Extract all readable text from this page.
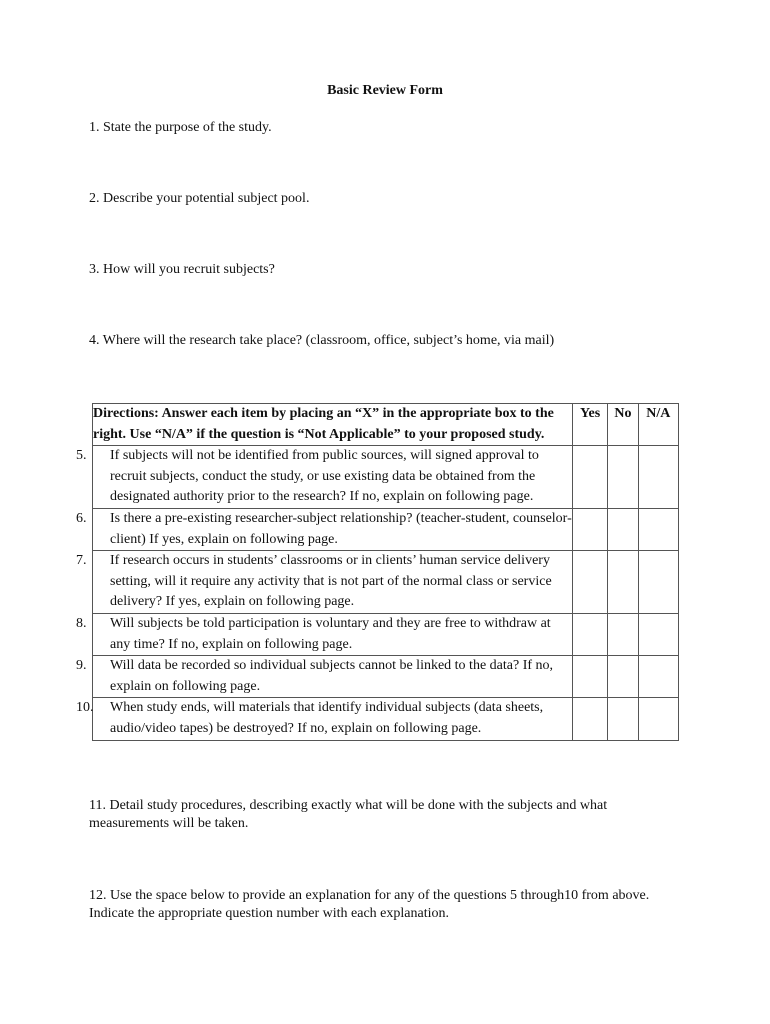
Basic Review Form
1. State the purpose of the study.
2. Describe your potential subject pool.
3. How will you recruit subjects?
4. Where will the research take place? (classroom, office, subject’s home, via mail)
Directions: Answer each item by placing an “X” in the appropriate box to the right. Use “N/A” if the question is “Not Applicable” to your proposed study.	Yes	No	N/A

5. If subjects will not be identified from public sources, will signed approval to recruit subjects, conduct the study, or use existing data be obtained from the designated authority prior to the research? If no, explain on following page.			

6. Is there a pre-existing researcher-subject relationship? (teacher-student, counselor-client) If yes, explain on following page.			

7. If research occurs in students’ classrooms or in clients’ human service delivery setting, will it require any activity that is not part of the normal class or service delivery? If yes, explain on following page.			

8. Will subjects be told participation is voluntary and they are free to withdraw at any time? If no, explain on following page.			

9. Will data be recorded so individual subjects cannot be linked to the data? If no, explain on following page.			

10. When study ends, will materials that identify individual subjects (data sheets, audio/video tapes) be destroyed? If no, explain on following page.			

11. Detail study procedures, describing exactly what will be done with the subjects and what measurements will be taken.
12. Use the space below to provide an explanation for any of the questions 5 through10 from above. Indicate the appropriate question number with each explanation.
